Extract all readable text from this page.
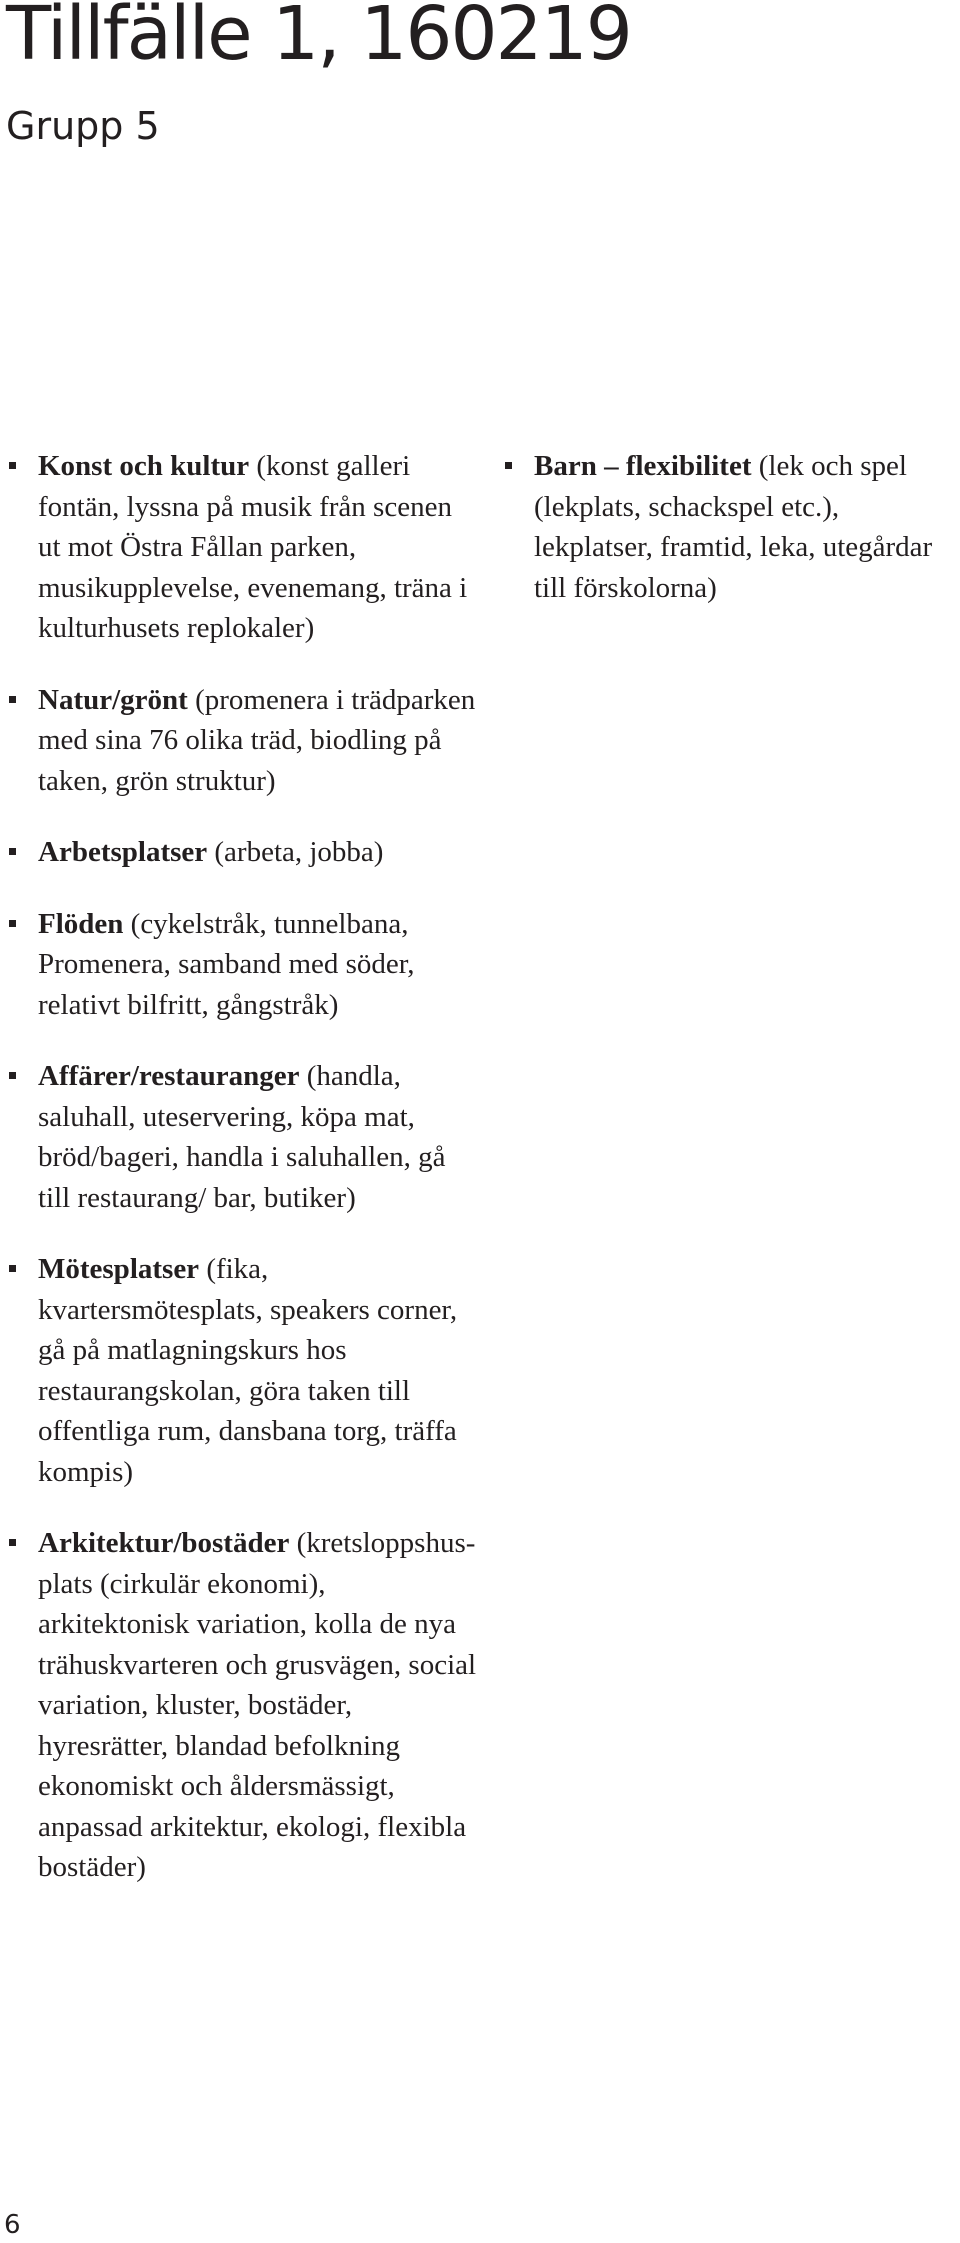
Tillfälle 1, 160219
Grupp 5
Konst och kultur (konst galleri fontän, lyssna på musik från scenen ut mot Östra Fållan parken, musikupplevelse, evenemang, träna i kulturhusets replokaler)
Natur/grönt (promenera i trädparken med sina 76 olika träd, biodling på taken, grön struktur)
Arbetsplatser (arbeta, jobba)
Flöden (cykelstråk, tunnelbana, Promenera, samband med söder, relativt bilfritt, gångstråk)
Affärer/restauranger (handla, saluhall, uteservering, köpa mat, bröd/bageri, handla i saluhallen, gå till restaurang/ bar, butiker)
Mötesplatser (fika, kvartersmötesplats, speakers corner, gå på matlagningskurs hos restaurangskolan, göra taken till offentliga rum, dansbana torg, träffa kompis)
Arkitektur/bostäder (kretsloppshus-plats (cirkulär ekonomi), arkitektonisk variation, kolla de nya trähuskvarteren och grusvägen, social variation, kluster, bostäder, hyresrätter, blandad befolkning ekonomiskt och åldersmässigt, anpassad arkitektur, ekologi, flexibla bostäder)
Barn – flexibilitet (lek och spel (lekplats, schackspel etc.), lekplatser, framtid, leka, utegårdar till förskolorna)
6
